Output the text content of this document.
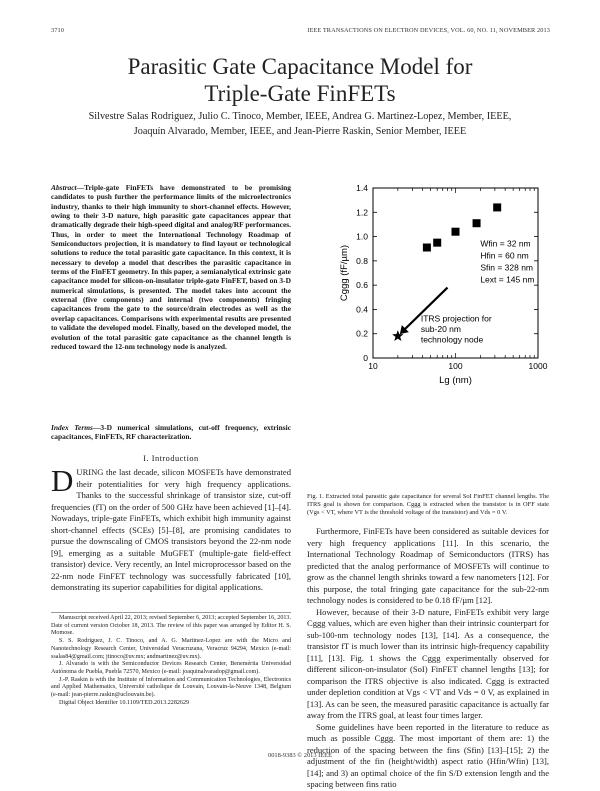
3710	IEEE TRANSACTIONS ON ELECTRON DEVICES, VOL. 60, NO. 11, NOVEMBER 2013
Parasitic Gate Capacitance Model for
Triple-Gate FinFETs
Silvestre Salas Rodriguez, Julio C. Tinoco, Member, IEEE, Andrea G. Martinez-Lopez, Member, IEEE,
Joaquín Alvarado, Member, IEEE, and Jean-Pierre Raskin, Senior Member, IEEE
Abstract—Triple-gate FinFETs have demonstrated to be promising candidates to push further the performance limits of the microelectronics industry, thanks to their high immunity to short-channel effects. However, owing to their 3-D nature, high parasitic gate capacitances appear that dramatically degrade their high-speed digital and analog/RF performances. Thus, in order to meet the International Technology Roadmap of Semiconductors projection, it is mandatory to find layout or technological solutions to reduce the total parasitic gate capacitance. In this context, it is necessary to develop a model that describes the parasitic capacitance in terms of the FinFET geometry. In this paper, a semianalytical extrinsic gate capacitance model for silicon-on-insulator triple-gate FinFET, based on 3-D numerical simulations, is presented. The model takes into account the external (five components) and internal (two components) fringing capacitances from the gate to the source/drain electrodes as well as the overlap capacitances. Comparisons with experimental results are presented to validate the developed model. Finally, based on the developed model, the evolution of the total parasitic gate capacitance as the channel length is reduced toward the 12-nm technology node is analyzed.
Index Terms—3-D numerical simulations, cut-off frequency, extrinsic capacitances, FinFETs, RF characterization.
I. Introduction
DURING the last decade, silicon MOSFETs have demonstrated their potentialities for very high frequency applications. Thanks to the successful shrinkage of transistor size, cut-off frequencies (fT) on the order of 500 GHz have been achieved [1]–[4]. Nowadays, triple-gate FinFETs, which exhibit high immunity against short-channel effects (SCEs) [5]–[8], are promising candidates to pursue the downscaling of CMOS transistors beyond the 22-nm node [9], emerging as a suitable MuGFET (multiple-gate field-effect transistor) device. Very recently, an Intel microprocessor based on the 22-nm node FinFET technology was successfully fabricated [10], demonstrating its superior capabilities for digital applications.

Manuscript received April 22, 2013; revised September 6, 2013; accepted September 16, 2013. Date of current version October 18, 2013. The review of this paper was arranged by Editor H. S. Momose.

S. S. Rodriguez, J. C. Tinoco, and A. G. Martinez-Lopez are with the Micro and Nanotechnology Research Center, Universidad Veracruzana, Veracruz 94294, Mexico (e-mail: ssalas84@gmail.com; jtinoco@uv.mx; andmartinez@uv.mx).

J. Alvarado is with the Semiconductor Devices Research Center, Benemérita Universidad Autónoma de Puebla, Puebla 72570, Mexico (e-mail: joaquinalvaradop@gmail.com).

J.-P. Raskin is with the Institute of Information and Communication Technologies, Electronics and Applied Mathematics, Université catholique de Louvain, Louvain-la-Neuve 1348, Belgium (e-mail: jean-pierre.raskin@uclouvain.be).

Digital Object Identifier 10.1109/TED.2013.2282629

0
0.2
0.4
0.6
0.8
1.0
1.2
1.4
10	100	1000
Lg (nm)
Cggg (fF/µm)
Wfin = 32 nm
Hfin = 60 nm
Sfin = 328 nm
Lext = 145 nm
ITRS projection for
sub-20 nm
technology node
Fig. 1. Extracted total parasitic gate capacitance for several SoI FinFET channel lengths. The ITRS goal is shown for comparison. Cggg is extracted when the transistor is in OFF state (Vgs < VT, where VT is the threshold voltage of the transistor) and Vds = 0 V.

Furthermore, FinFETs have been considered as suitable devices for very high frequency applications [11]. In this scenario, the International Technology Roadmap of Semiconductors (ITRS) has predicted that the analog performance of MOSFETs will continue to grow as the channel length shrinks toward a few nanometers [12]. For this purpose, the total fringing gate capacitance for the sub-22-nm technology nodes is considered to be 0.18 fF/µm [12].

However, because of their 3-D nature, FinFETs exhibit very large Cggg values, which are even higher than their intrinsic counterpart for sub-100-nm technology nodes [13], [14]. As a consequence, the transistor fT is much lower than its intrinsic high-frequency capability [11], [13]. Fig. 1 shows the Cggg experimentally observed for different silicon-on-insulator (SoI) FinFET channel lengths [13]; for comparison the ITRS objective is also indicated. Cggg is extracted under depletion condition at Vgs < VT and Vds = 0 V, as explained in [13]. As can be seen, the measured parasitic capacitance is actually far away from the ITRS goal, at least four times larger.

Some guidelines have been reported in the literature to reduce as much as possible Cggg. The most important of them are: 1) the reduction of the spacing between the fins (Sfin) [13]–[15]; 2) the adjustment of the fin (height/width) aspect ratio (Hfin/Wfin) [13], [14]; and 3) an optimal choice of the fin S/D extension length and the spacing between fins ratio

0018-9383 © 2013 IEEE
